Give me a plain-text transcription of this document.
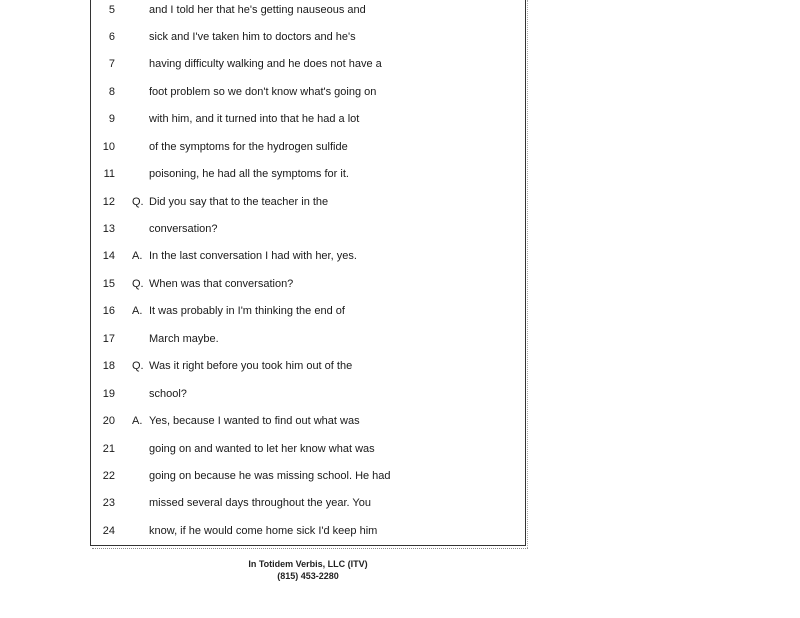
5	and I told her that he's getting nauseous and
6	sick and I've taken him to doctors and he's
7	having difficulty walking and he does not have a
8	foot problem so we don't know what's going on
9	with him, and it turned into that he had a lot
10	of the symptoms for the hydrogen sulfide
11	poisoning, he had all the symptoms for it.
12 Q. Did you say that to the teacher in the
13	conversation?
14 A. In the last conversation I had with her, yes.
15 Q. When was that conversation?
16 A. It was probably in I'm thinking the end of
17	March maybe.
18 Q. Was it right before you took him out of the
19	school?
20 A. Yes, because I wanted to find out what was
21	going on and wanted to let her know what was
22	going on because he was missing school. He had
23	missed several days throughout the year. You
24	know, if he would come home sick I'd keep him
In Totidem Verbis, LLC (ITV)
(815) 453-2280
